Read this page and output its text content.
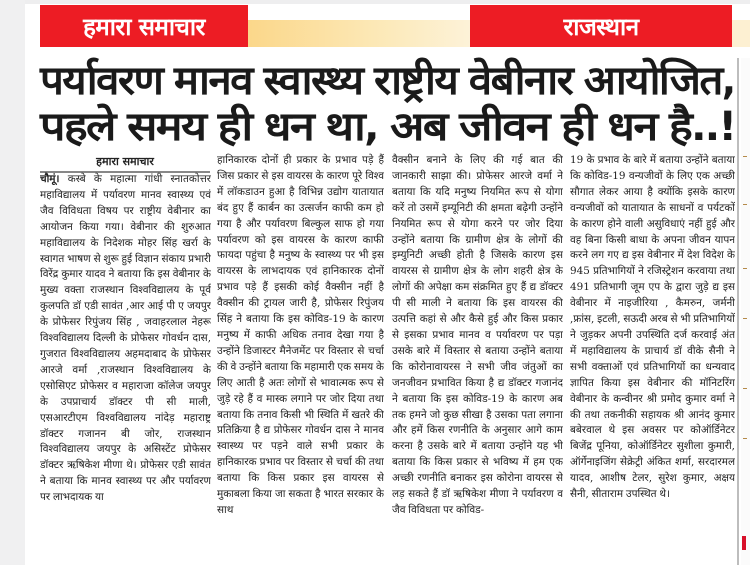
हमारा समाचार	राजस्थान
पर्यावरण मानव स्वास्थ्य राष्ट्रीय वेबीनार आयोजित,
पहले समय ही धन था, अब जीवन ही धन है..!
हमारा समाचार
चौमूं। कस्बे के महात्मा गांधी स्नातकोत्तर महाविद्यालय में पर्यावरण मानव स्वास्थ्य एवं जैव विविधता विषय पर राष्ट्रीय वेबीनार का आयोजन किया गया। वेबीनार की शुरुआत महाविद्यालय के निदेशक मोहर सिंह खर्रा के स्वागत भाषण से शुरू हुई विज्ञान संकाय प्रभारी विरेंद्र कुमार यादव ने बताया कि इस वेबीनार के मुख्य वक्ता राजस्थान विश्वविद्यालय के पूर्व कुलपति डॉ एडी सावंत ,आर आई पी ए जयपुर के प्रोफेसर रिपुंजय सिंह , जवाहरलाल नेहरू विश्वविद्यालय दिल्ली के प्रोफेसर गोवर्धन दास, गुजरात विश्वविद्यालय अहमदाबाद के प्रोफेसर आरजे वर्मा ,राजस्थान विश्वविद्यालय के एसोसिएट प्रोफेसर व महाराजा कॉलेज जयपुर के उपप्राचार्य डॉक्टर पी सी माली, एसआरटीएम विश्वविद्यालय नांदेड़ महाराष्ट्र डॉक्टर गजानन बी जोर, राजस्थान विश्वविद्यालय जयपुर के असिस्टेंट प्रोफेसर डॉक्टर ऋषिकेश मीणा थे। प्रोफेसर एडी सावंत ने बताया कि मानव स्वास्थ्य पर और पर्यावरण पर लाभदायक या
हानिकारक दोनों ही प्रकार के प्रभाव पड़े हैं जिस प्रकार से इस वायरस के कारण पूरे विश्व में लॉकडाउन हुआ है विभिन्न उद्योग यातायात बंद हुए हैं कार्बन का उत्सर्जन काफी कम हो गया है और पर्यावरण बिल्कुल साफ हो गया पर्यावरण को इस वायरस के कारण काफी फायदा पहुंचा है मनुष्य के स्वास्थ्य पर भी इस वायरस के लाभदायक एवं हानिकारक दोनों प्रभाव पड़े हैं इसकी कोई वैक्सीन नहीं है वैक्सीन की ट्रायल जारी है, प्रोफेसर रिपुंजय सिंह ने बताया कि इस कोविड-19 के कारण मनुष्य में काफी अधिक तनाव देखा गया है उन्होंने डिजास्टर मैनेजमेंट पर विस्तार से चर्चा की वे उन्होंने बताया कि महामारी एक समय के लिए आती है अतः लोगों से भावात्मक रूप से जुड़े रहे हैं व मास्क लगाने पर जोर दिया तथा बताया कि तनाव किसी भी स्थिति में खतरे की प्रतिक्रिया है द्य प्रोफेसर गोवर्धन दास ने मानव स्वास्थ्य पर पड़ने वाले सभी प्रकार के हानिकारक प्रभाव पर विस्तार से चर्चा की तथा बताया कि किस प्रकार इस वायरस से मुकाबला किया जा सकता है भारत सरकार के साथ
वैक्सीन बनाने के लिए की गई बात की जानकारी साझा की। प्रोफेसर आरजे वर्मा ने बताया कि यदि मनुष्य नियमित रूप से योगा करें तो उसमें इम्यूनिटी की क्षमता बढ़ेगी उन्होंने नियमित रूप से योगा करने पर जोर दिया उन्होंने बताया कि ग्रामीण क्षेत्र के लोगों की इम्युनिटी अच्छी होती है जिसके कारण इस वायरस से ग्रामीण क्षेत्र के लोग शहरी क्षेत्र के लोगों की अपेक्षा कम संक्रमित हुए हैं द्य डॉक्टर पी सी माली ने बताया कि इस वायरस की उत्पत्ति कहां से और कैसे हुई और किस प्रकार से इसका प्रभाव मानव व पर्यावरण पर पड़ा उसके बारे में विस्तार से बताया उन्होंने बताया कि कोरोनावायरस ने सभी जीव जंतुओं का जनजीवन प्रभावित किया है द्य डॉक्टर गजानंद ने बताया कि इस कोविड-19 के कारण अब तक हमने जो कुछ सीखा है उसका पता लगाना और हमें किस रणनीति के अनुसार आगे काम करना है उसके बारे में बताया उन्होंने यह भी बताया कि किस प्रकार से भविष्य में हम एक अच्छी रणनीति बनाकर इस कोरोना वायरस से लड़ सकते हैं डॉ ऋषिकेश मीणा ने पर्यावरण व जैव विविधता पर कोविड-
19 के प्रभाव के बारे में बताया उन्होंने बताया कि कोविड-19 वन्यजीवों के लिए एक अच्छी सौगात लेकर आया है क्योंकि इसके कारण वन्यजीवों को यातायात के साधनों व पर्यटकों के कारण होने वाली असुविधाएं नहीं हुई और वह बिना किसी बाधा के अपना जीवन यापन करने लग गए द्य इस वेबीनार में देश विदेश के 945 प्रतिभागियों ने रजिस्ट्रेशन करवाया तथा 491 प्रतिभागी जूम एप के द्वारा जुड़े द्य इस वेबीनार में नाइजीरिया , कैमरुन, जर्मनी ,फ्रांस, इटली, सऊदी अरब से भी प्रतिभागियों ने जुड़कर अपनी उपस्थिति दर्ज करवाई अंत में महाविद्यालय के प्राचार्य डॉ वीके सैनी ने सभी वक्ताओं एवं प्रतिभागियों का धन्यवाद ज्ञापित किया इस वेबीनार की मॉनिटरिंग वेबीनार के कन्वीनर श्री प्रमोद कुमार वर्मा ने की तथा तकनीकी सहायक श्री आनंद कुमार बबेरवाल थे इस अवसर पर कोऑर्डिनेटर बिजेंद्र पूनिया, कोऑर्डिनेटर सुशीला कुमारी, ऑर्गेनाइजिंग सेक्रेट्री अंकित शर्मा, सरदारमल यादव, आशीष टेलर, सुरेश कुमार, अक्षय सैनी, सीताराम उपस्थित थे।
